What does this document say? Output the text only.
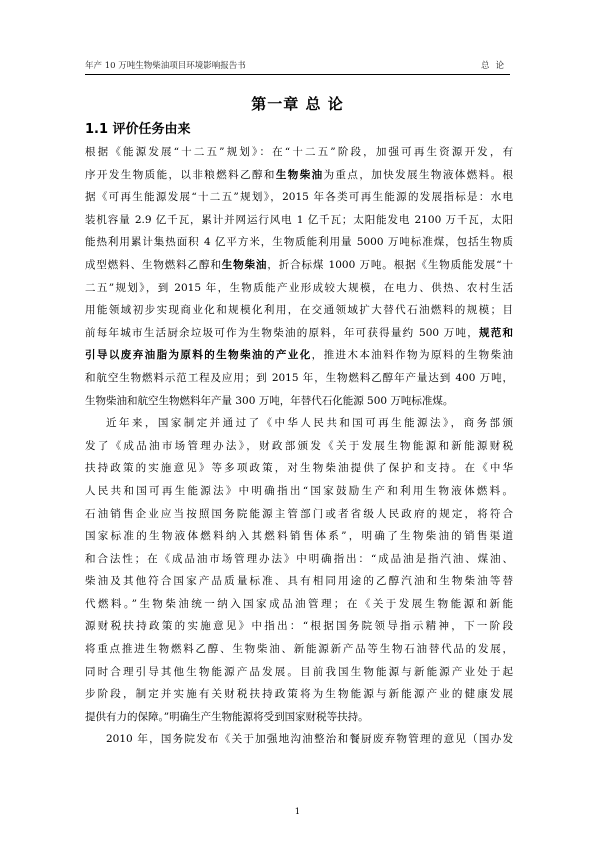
年产 10 万吨生物柴油项目环境影响报告书	总论
第一章 总 论
1.1 评价任务由来
根据《能源发展“十二五”规划》：在“十二五”阶段，加强可再生资源开发，有
序开发生物质能，以非粮燃料乙醇和生物柴油为重点，加快发展生物液体燃料。根
据《可再生能源发展“十二五”规划》，2015 年各类可再生能源的发展指标是：水电
装机容量 2.9 亿千瓦，累计并网运行风电 1 亿千瓦；太阳能发电 2100 万千瓦，太阳
能热利用累计集热面积 4 亿平方米，生物质能利用量 5000 万吨标准煤，包括生物质
成型燃料、生物燃料乙醇和生物柴油，折合标煤 1000 万吨。根据《生物质能发展“十
二五”规划》，到 2015 年，生物质能产业形成较大规模，在电力、供热、农村生活
用能领域初步实现商业化和规模化利用，在交通领域扩大替代石油燃料的规模；目
前每年城市生活厨余垃圾可作为生物柴油的原料，年可获得量约 500 万吨，规范和
引导以废弃油脂为原料的生物柴油的产业化，推进木本油料作物为原料的生物柴油
和航空生物燃料示范工程及应用；到 2015 年，生物燃料乙醇年产量达到 400 万吨，
生物柴油和航空生物燃料年产量 300 万吨，年替代石化能源 500 万吨标准煤。
近年来，国家制定并通过了《中华人民共和国可再生能源法》，商务部颁
发了《成品油市场管理办法》，财政部颁发《关于发展生物能源和新能源财税
扶持政策的实施意见》等多项政策，对生物柴油提供了保护和支持。在《中华
人民共和国可再生能源法》中明确指出“国家鼓励生产和利用生物液体燃料。
石油销售企业应当按照国务院能源主管部门或者省级人民政府的规定，将符合
国家标准的生物液体燃料纳入其燃料销售体系”，明确了生物柴油的销售渠道
和合法性；在《成品油市场管理办法》中明确指出：“成品油是指汽油、煤油、
柴油及其他符合国家产品质量标准、具有相同用途的乙醇汽油和生物柴油等替
代燃料。”生物柴油统一纳入国家成品油管理；在《关于发展生物能源和新能
源财税扶持政策的实施意见》中指出：“根据国务院领导指示精神，下一阶段
将重点推进生物燃料乙醇、生物柴油、新能源新产品等生物石油替代品的发展，
同时合理引导其他生物能源产品发展。目前我国生物能源与新能源产业处于起
步阶段，制定并实施有关财税扶持政策将为生物能源与新能源产业的健康发展
提供有力的保障。”明确生产生物能源将受到国家财税等扶持。
2010 年，国务院发布《关于加强地沟油整治和餐厨废弃物管理的意见（国办发
1
